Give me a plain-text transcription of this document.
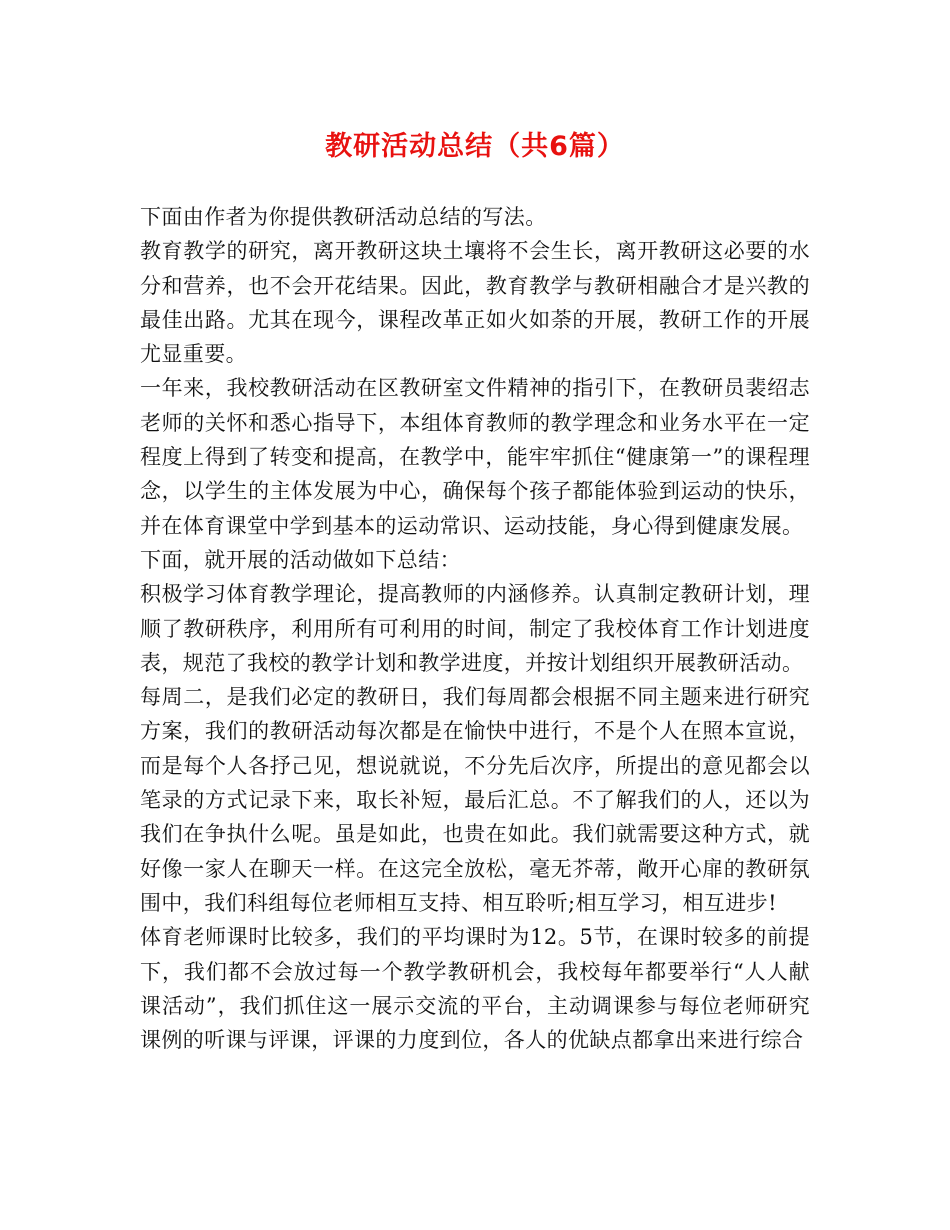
教研活动总结（共6篇）

下面由作者为你提供教研活动总结的写法。

教育教学的研究，离开教研这块土壤将不会生长，离开教研这必要的水分和营养，也不会开花结果。因此，教育教学与教研相融合才是兴教的最佳出路。尤其在现今，课程改革正如火如荼的开展，教研工作的开展尤显重要。

一年来，我校教研活动在区教研室文件精神的指引下，在教研员裴绍志老师的关怀和悉心指导下，本组体育教师的教学理念和业务水平在一定程度上得到了转变和提高，在教学中，能牢牢抓住“健康第一”的课程理念，以学生的主体发展为中心，确保每个孩子都能体验到运动的快乐，并在体育课堂中学到基本的运动常识、运动技能，身心得到健康发展。

下面，就开展的活动做如下总结：

积极学习体育教学理论，提高教师的内涵修养。认真制定教研计划，理顺了教研秩序，利用所有可利用的时间，制定了我校体育工作计划进度表，规范了我校的教学计划和教学进度，并按计划组织开展教研活动。

每周二，是我们必定的教研日，我们每周都会根据不同主题来进行研究方案，我们的教研活动每次都是在愉快中进行，不是个人在照本宣说，而是每个人各抒己见，想说就说，不分先后次序，所提出的意见都会以笔录的方式记录下来，取长补短，最后汇总。不了解我们的人，还以为我们在争执什么呢。虽是如此，也贵在如此。我们就需要这种方式，就好像一家人在聊天一样。在这完全放松，毫无芥蒂，敞开心扉的教研氛围中，我们科组每位老师相互支持、相互聆听;相互学习，相互进步!

体育老师课时比较多，我们的平均课时为12。5节，在课时较多的前提下，我们都不会放过每一个教学教研机会，我校每年都要举行“人人献课活动”，我们抓住这一展示交流的平台，主动调课参与每位老师研究课例的听课与评课，评课的力度到位，各人的优缺点都拿出来进行综合
